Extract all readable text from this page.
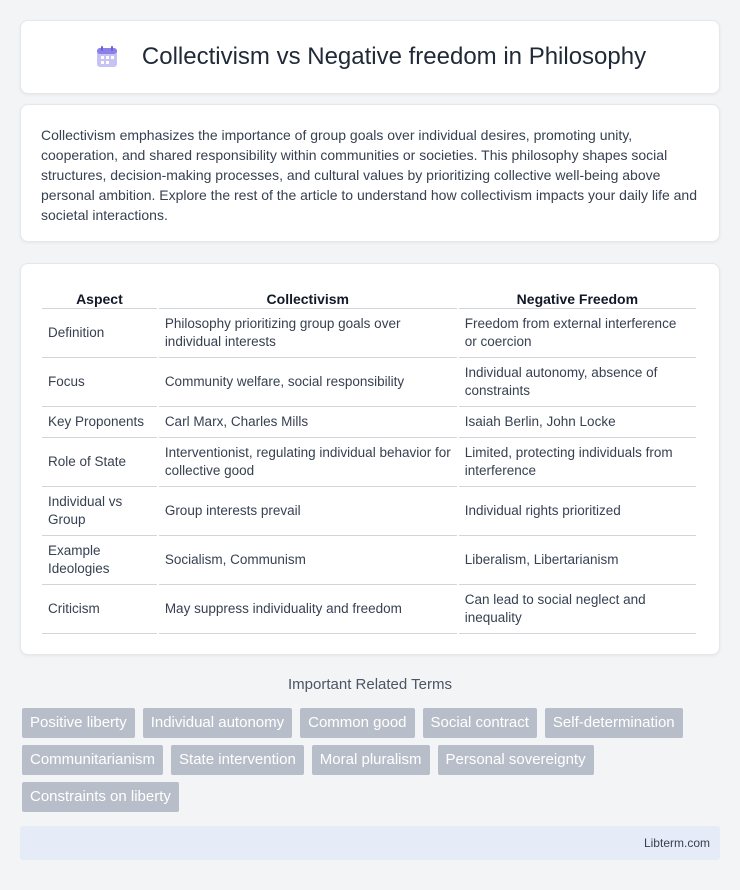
Collectivism vs Negative freedom in Philosophy

Collectivism emphasizes the importance of group goals over individual desires, promoting unity, cooperation, and shared responsibility within communities or societies. This philosophy shapes social structures, decision-making processes, and cultural values by prioritizing collective well-being above personal ambition. Explore the rest of the article to understand how collectivism impacts your daily life and societal interactions.

Aspect	Collectivism	Negative Freedom
Definition	Philosophy prioritizing group goals over individual interests	Freedom from external interference or coercion
Focus	Community welfare, social responsibility	Individual autonomy, absence of constraints
Key Proponents	Carl Marx, Charles Mills	Isaiah Berlin, John Locke
Role of State	Interventionist, regulating individual behavior for collective good	Limited, protecting individuals from interference
Individual vs Group	Group interests prevail	Individual rights prioritized
Example Ideologies	Socialism, Communism	Liberalism, Libertarianism
Criticism	May suppress individuality and freedom	Can lead to social neglect and inequality
Important Related Terms
Positive liberty	Individual autonomy	Common good	Social contract	Self-determination
Communitarianism	State intervention	Moral pluralism	Personal sovereignty
Constraints on liberty
Libterm.com
